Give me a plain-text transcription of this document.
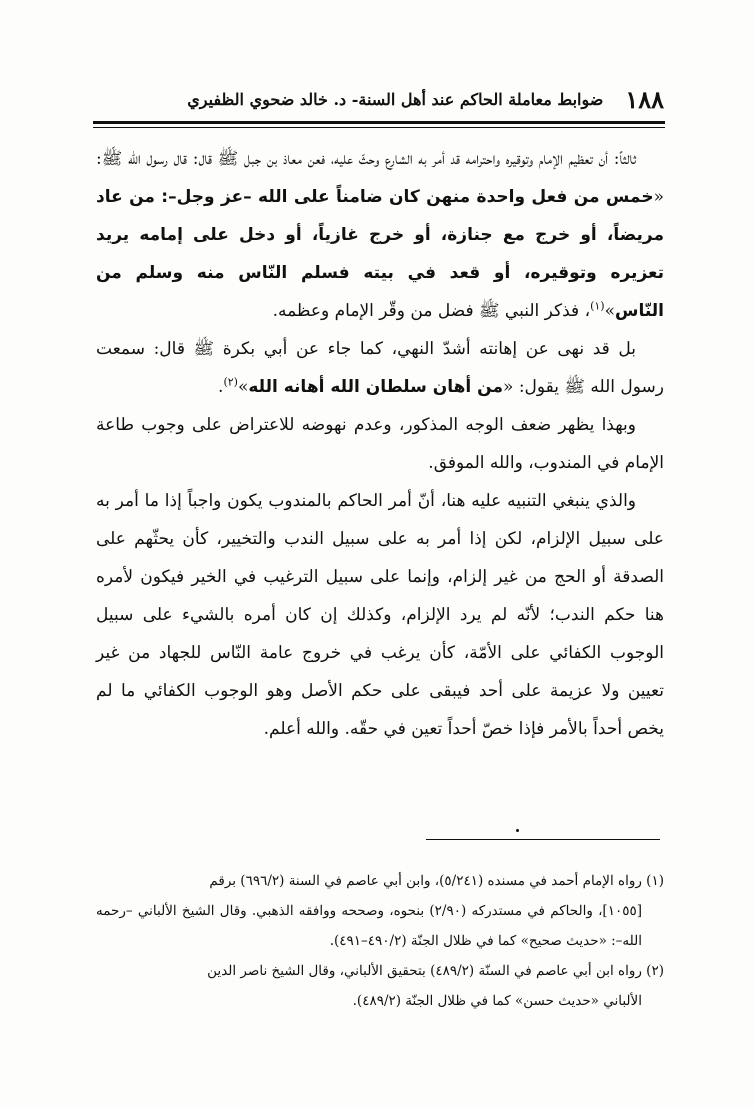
١٨٨
ضوابط معاملة الحاكم عند أهل السنة- د. خالد ضحوي الظفيري

ثالثاً: أن تعظيم الإمام وتوقيره واحترامه قد أمر به الشارع وحثّ عليه، فعن معاذ بن جبل ﷺ قال: قال رسول الله ﷺ: «خمس من فعل واحدة منهن كان ضامناً على الله –عز وجل–: من عاد مريضاً، أو خرج مع جنازة، أو خرج غازياً، أو دخل على إمامه يريد تعزيره وتوقيره، أو قعد في بيته فسلم النّاس منه وسلم من النّاس»$^{(١)}$، فذكر النبي ﷺ فضل من وقّر الإمام وعظمه.

بل قد نهى عن إهانته أشدّ النهي، كما جاء عن أبي بكرة ﷺ قال: سمعت رسول الله ﷺ يقول: «من أهان سلطان الله أهانه الله»$^{(٢)}$.

وبهذا يظهر ضعف الوجه المذكور، وعدم نهوضه للاعتراض على وجوب طاعة الإمام في المندوب، والله الموفق.

والذي ينبغي التنبيه عليه هنا، أنّ أمر الحاكم بالمندوب يكون واجباً إذا ما أمر به على سبيل الإلزام، لكن إذا أمر به على سبيل الندب والتخيير، كأن يحثّهم على الصدقة أو الحج من غير إلزام، وإنما على سبيل الترغيب في الخير فيكون لأمره هنا حكم الندب؛ لأنّه لم يرد الإلزام، وكذلك إن كان أمره بالشيء على سبيل الوجوب الكفائي على الأمّة، كأن يرغب في خروج عامة النّاس للجهاد من غير تعيين ولا عزيمة على أحد فيبقى على حكم الأصل وهو الوجوب الكفائي ما لم يخص أحداً بالأمر فإذا خصّ أحداً تعين في حقّه. والله أعلم.

(١) رواه الإمام أحمد في مسنده (٥/٢٤١)، وابن أبي عاصم في السنة (٦٩٦/٢) برقم

[١٠٥٥]، والحاكم في مستدركه (٢/٩٠) بنحوه، وصححه ووافقه الذهبي. وقال الشيخ الألباني –رحمه الله–: «حديث صحيح» كما في ظلال الجنّة (٤٩٠/٢–٤٩١).

(٢) رواه ابن أبي عاصم في السنّة (٤٨٩/٢) بتحقيق الألباني، وقال الشيخ ناصر الدين

الألباني «حديث حسن» كما في ظلال الجنّة (٤٨٩/٢).
